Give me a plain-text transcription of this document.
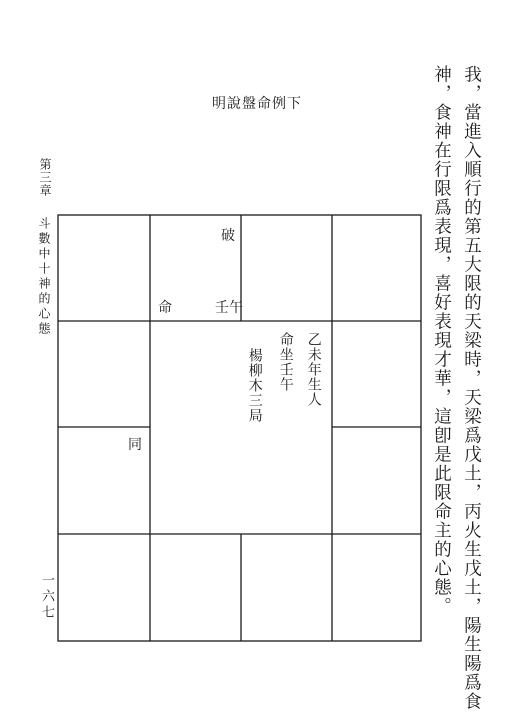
我，當進入順行的第五大限的天梁時，天梁爲戊土，丙火生戊土，陽生陽爲食
神，食神在行限爲表現，喜好表現才華，這卽是此限命主的心態。
明說盤命例下
第三章
斗數中十神的心態
一六七
破
壬午
命
同
乙未年生人
命坐壬午
楊柳木三局
